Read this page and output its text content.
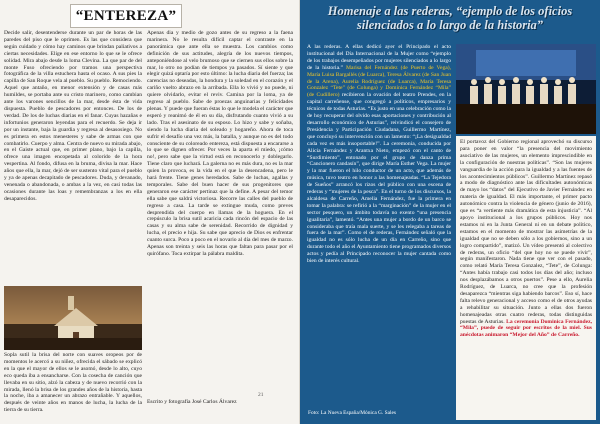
“ENTEREZA”

Decide salir, desentenderse durante un par de horas de las paredes del piso que le oprimen. Es las que considera que según cuidado y cómo hay caminos que brindan paliativos a ciertas necesidades. Elige en ese entorno lo que se le ofrece solidad. Mira abajo desde la loma Clevina. La que par de del monte Fuso ofreciendo por tramos una perspectiva fotográfica de la villa estuchera hasta el ocaso. A sus pies la capilla de San Roque vela al pueblo. Su pueblo. Remociendo. Aquel que antaño, en menor extensión y de casas más humildes, se portaba ante su cristo marinero, como cambian ante los varones sencillos de la mar, desde ésta de vida dispuesta. Pueblo de pescadores por entonces. De los de verdad. De los de luchas diarias en el fanar. Cuyas hazañas e infortunios generaron leyendas para el recuerdo. Se deja ir por un instante, baja la guardia y regresa al desasosiego. No es primera en estos menesteres y sabe de armas con que combatirlo. Cuerpo y alma. Centra de nuevo su mirada abajo, en el Gaiste actual que, en primer plano, bajo la capilla, ofrece una imagen encopetada al colorido de la hora vespertina. Al fondo, difusa en la bruma, divisa la mar. Hace años que ella, la mar, dejó de ser sustento vital para el pueblo y ya de apenas decapitado de pescadores. Duda, y devanado, venenada o abandonada, o ambas a la vez, en casi todas las ocasiones durante las loas y remembranzas a los en ella desaparecidos.

Sopla sutil la brisa del norte con suaves oropeos por de momentos le acercó a su niñez, ofrecida el sábado se explicó en la que el mayor de ellos se le asomó, desde lo alto, cuyo eco queda iba a ensancharse. Con la cosecha de canción que llevaba en su sitio, alzó la cabeza y de nuevo recorrió con la mirada, llenó la brisa de los grandes años de la historia, hasta la noche, iba a amanecer un abrazo entrañable. Y aquellos, después de veinte años en manos de lucha, la lucha de la tierra de su tierra.

Apenas dia y medio de gozo antes de su regreso a la faena marinera. No le resulta difícil captar el contraste en la panorámica que ante ella se muestra. Los cambios como definición de sus actitudes, alegría de los nuevos tiempos, anteponiéndose al velo brumoso que se ciernen sus ellos sobre la mar, lo otro no podían de tiempos ya pasados. Sí siente y que elegir quizá optaría por esto último: la lucha diaria del fuerza; las carencias no deseadas, la hondura y la soledad en el corazón y el cariño vuelto abrazo en la arribada. Ella lo vivió y no puede, ni quiere olvidarlo, evitar el reviv. Camina por la loma, ya de regreso al pueblo. Sabe de proezas anguinarias y felicidades plenas. Y puede que fueran éstas lo que le modela el carácter que esperó y reanimó de él en su día, disfrutando cuanto vivió a su lado. Tras el asesinato de su esposo. Lo hizo y sabe y soñaba, siendo la lucha diaria del soleado y hogareño. Ahora de toca sufrir el desafío una vez más, la batalla, y aunque no es del todo consciente de su coloreado entereza, está dispuesta a encararse a lo que se dignen ofrecer. Por veces la aparta el miedo, ¡cómo no!, pero sabe que la virtud está en reconocerlo y doblegarlo. Tiene claro que luchará. La galerna no es más dura, no es la mar quien la provoca, es la vida en el que la desencadena, pero le hará frente. Tiene genes heredados. Sabe de luchas, agallas y temporales. Sabe del buen hacer de sus progenitores que generaron ese carácter pertinaz que la define. A pesar del temor ella sabe que saldrá victoriosa. Recorre las calles del pueblo de regreso a casa. La tarde se extingue muda, como preves desprendida del cuerpo en llamas de la hoguera. En el crepúsculo la brisa sutil acaricia cada rincón del espacio de las casas y su alma sabe de serenidad. Recorrido de dignidad y lucha, el precio e hija. Su sabe que aprecio de Dios es enfrentar cuanto surca. Poco a poco en el novario al día del mes de marzo. Apenas son treinta y seis las horas que faltan para pasar por el quirófano. Toca extirpar la pálabra maldita.

21

Escrito y fotografía José Carlos Álvarez

Homenaje a las rederas, “ejemplo de los oficios
silenciados a lo largo de la historia”

A las rederas. A ellas dedicó ayer el Principado el acto institucional del Día Internacional de la Mujer como “ejemplo de los trabajos desempeñados por mujeres silenciados a lo largo de la historia.” Marisa del Fernández (de Puerto de Vega), María Luisa Bargallés (de Luarca), Teresa Álvarez (de San Juan de la Arena), Aurelia Rodríguez (de Luarca), María Teresa Gonzalez “Tete” (de Colunga) y Dominica Fernández “Mila” (de Cudillero) recibieron la ovación del teatro Prendes, en la capital carreñense, que congregó a políticos, empresarios y técnicos de todas Asturias. “Es justo en una celebración como la de hoy recuperar del olvido esas aportaciones y contribución al desarrollo económico de Asturias”, reivindicó el consejero de Presidencia y Participación Ciudadana, Guillermo Martínez, que concluyó su intervención con un lamento: “¡La desigualdad cada vez es más insoportable!”. La ceremonia, conducida por Alicia Fernández y Arantxa Nieto, empezó con el canto de “Surdimiento”, entonado por el grupo de danza prima “Cancionero candasín”, que dirige María Esther Vega. La mujer y la mar fueron el hilo conductor de un acto, que además de música, tuvo teatro en honor a las homenajeadas. “La Tejedora de Sueños” arrancó los rizos del público con una escena de rederas y “mujeres de la pesca”. En el turno de los discursos, la alcaldesa de Carreño, Amelia Fernández, fue la primera en tomar la palabra: se refirió a la “marginación” de la mujer en el sector pesquero, un ámbito todavía no exento “una presencia igualitaria”, lamentó. “Antes una mujer a bordo de un barco se consideraba que traía mala suerte, y se les relegaba a tareas de fuera de la mar”. Como el de rederas, Fernández señaló que la igualdad no es sólo lucha de un día en Carreño, sino que durante todo el año el Ayuntamiento tiene programados diversos actos y pedía al Principado reconocer la mujer cantada como bien de interés cultural.

El portavoz del Gobierno regional aprovechó su discurso para poner en valor “la presencia del movimiento asociativo de las mujeres, un elemento imprescindible en la configuración de nuestras políticas”. “Son las mujeres vanguardia de la acción para la igualdad y a las fuentes de los acontecimientos públicos”. Guillermo Martínez repasó a modo de diagnóstico ante las dificultades autonómicas de mayo los “datos” del Ejecutivo de Javier Fernández en materia de igualdad. El más importante, el primer pacto autonómico contra la violencia de género (junio de 2016), que es “a vertiente más dramática de esta injusticia”. “Al apoyo institucional a los grupos públicos. Hoy nos estamos ni en la Junta General ni en un debate político, estamos en el momento de mostrar las asimetrías de la igualdad que no se deben sólo a los gobiernos, sino a un logro compartido”, matizó. Un vídeo presentó al colectivo de rederas, un oficio “del que hoy no se puede vivir”, según manifestaron. Nada tiene que ver con el pasado, como relató María Teresa Gonzalez, “Tete”, de Colunga: “Antes había trabajo casi todos los días del año; incluso nos desplazábamos a otros puertos”. Pese a ello, Aurelia Rodríguez, de Luarca, no cree que la profesión desaparezca “mientras siga habiendo barcos”. Eso sí, hace falta relevo generacional y acceso como el de otros ayudas a rehabilitar su situación. Junto a ellas dos fueron homenajeadas otras cuatro rederas, todas distinguidas puestas de Asturias. La ceremonia Dominica Fernández, “Mila”, puede de seguir por escritos de la miel. Sus anécdotas animaron “Mejor del Año” de Carreño.

Foto: La Nueva España/Mónica G. Sales
